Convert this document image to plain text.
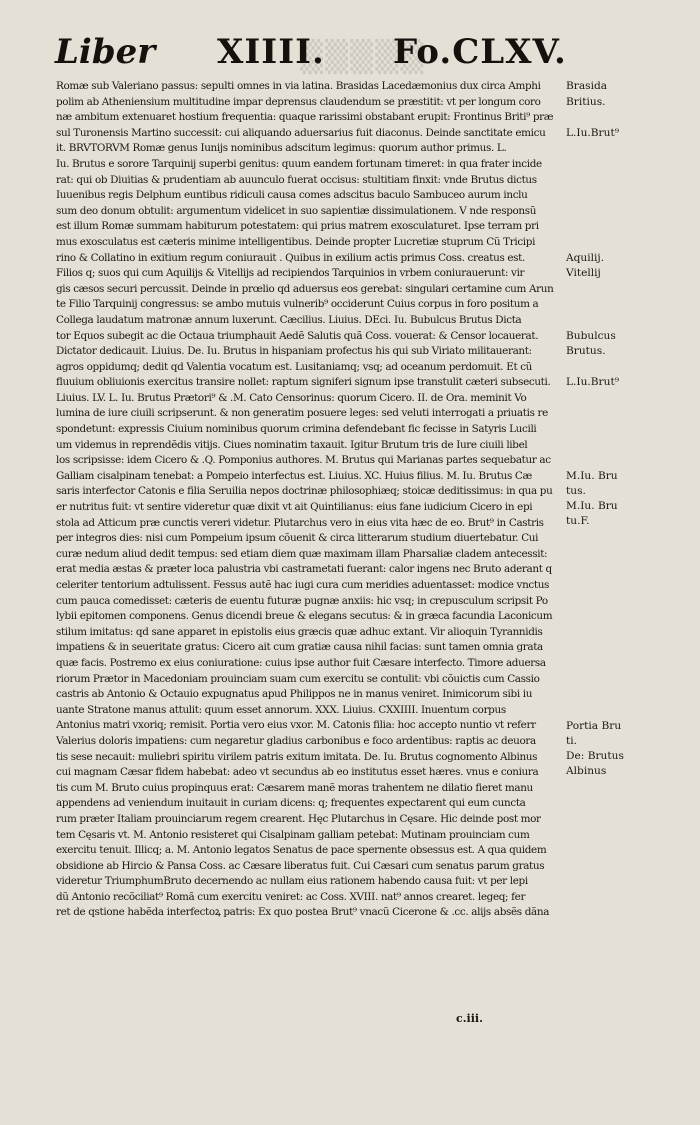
▒▒▒▒▒
Liber XIIII. Fo.CLXV.
Romæ sub Valeriano passus: sepulti omnes in via latina. Brasidas Lacedæmonius dux circa Amphi
polim ab Atheniensium multitudine impar deprensus claudendum se præstitit: vt per longum coro
næ ambitum extenuaret hostium frequentia: quaque rarissimi obstabant erupit: Frontinus Briti⁹ præ
sul Turonensis Martino successit: cui aliquando aduersarius fuit diaconus. Deinde sanctitate emicu
it. BRVTORVM Romæ genus Iunijs nominibus adscitum legimus: quorum author primus. L.
Iu. Brutus e sorore Tarquinij superbi genitus: quum eandem fortunam timeret: in qua frater incide
rat: qui ob Diuitias & prudentiam ab auunculo fuerat occisus: stultitiam finxit: vnde Brutus dictus
Iuuenibus regis Delphum euntibus ridiculi causa comes adscitus baculo Sambuceo aurum inclu
sum deo donum obtulit: argumentum videlicet in suo sapientiæ dissimulationem. V nde responsũ
est illum Romæ summam habiturum potestatem: qui prius matrem exosculaturet. Ipse terram pri
mus exosculatus est cæteris minime intelligentibus. Deinde propter Lucretiæ stuprum Cũ Tricipi
rino & Collatino in exitium regum coniurauit . Quibus in exilium actis primus Coss. creatus est.
Filios q; suos qui cum Aquilijs & Vitellijs ad recipiendos Tarquinios in vrbem coniurauerunt: vir
gis cæsos securi percussit. Deinde in prœlio qd aduersus eos gerebat: singulari certamine cum Arun
te Filio Tarquinij congressus: se ambo mutuis vulnerib⁹ occiderunt Cuius corpus in foro positum a
Collega laudatum matronæ annum luxerunt. Cæcilius. Liuius. DEci. Iu. Bubulcus Brutus Dicta
tor Equos subegit ac die Octaua triumphauit Aedẽ Salutis quã Coss. vouerat: & Censor locauerat.
Dictator dedicauit. Liuius. De. Iu. Brutus in hispaniam profectus his qui sub Viriato militauerant:
agros oppidumq; dedit qd Valentia vocatum est. Lusitaniamq; vsq; ad oceanum perdomuit. Et cũ
fluuium obliuionis exercitus transire nollet: raptum signiferi signum ipse transtulit cæteri subsecuti.
Liuius. LV. L. Iu. Brutus Prætori⁹ & .M. Cato Censorinus: quorum Cicero. II. de Ora. meminit Vo
lumina de iure ciuili scripserunt. & non generatim posuere leges: sed veluti interrogati a priuatis re
spondetunt: expressis Ciuium nominibus quorum crimina defendebant fic fecisse in Satyris Lucili
um videmus in reprendẽdis vitijs. Ciues nominatim taxauit. Igitur Brutum tris de Iure ciuili libel
los scripsisse: idem Cicero & .Q. Pomponius authores. M. Brutus qui Marianas partes sequebatur ac
Galliam cisalpinam tenebat: a Pompeio interfectus est. Liuius. XC. Huius filius. M. Iu. Brutus Cæ
saris interfector Catonis e filia Seruilia nepos doctrinæ philosophiæq; stoicæ deditissimus: in qua pu
er nutritus fuit: vt sentire videretur quæ dixit vt ait Quintilianus: eius fane iudicium Cicero in epi
stola ad Atticum præ cunctis vereri videtur. Plutarchus vero in eius vita hæc de eo. Brut⁹ in Castris
per integros dies: nisi cum Pompeium ipsum cõuenit & circa litterarum studium diuertebatur. Cui
curæ nedum aliud dedit tempus: sed etiam diem quæ maximam illam Pharsaliæ cladem antecessit:
erat media æstas & præter loca palustria vbi castrametati fuerant: calor ingens nec Bruto aderant q
celeriter tentorium adtulissent. Fessus autẽ hac iugi cura cum meridies aduentasset: modice vnctus
cum pauca comedisset: cæteris de euentu futuræ pugnæ anxiis: hic vsq; in crepusculum scripsit Po
lybii epitomen componens. Genus dicendi breue & elegans secutus: & in græca facundia Laconicum
stilum imitatus: qd sane apparet in epistolis eius græcis quæ adhuc extant. Vir alioquin Tyrannidis
impatiens & in seueritate gratus: Cicero ait cum gratiæ causa nihil facias: sunt tamen omnia grata
quæ facis. Postremo ex eius coniuratione: cuius ipse author fuit Cæsare interfecto. Timore aduersa
riorum Prætor in Macedoniam prouinciam suam cum exercitu se contulit: vbi cõuictis cum Cassio
castris ab Antonio & Octauio expugnatus apud Philippos ne in manus veniret. Inimicorum sibi iu
uante Stratone manus attulit: quum esset annorum. XXX. Liuius. CXXIIII. Inuentum corpus
Antonius matri vxoriq; remisit. Portia vero eius vxor. M. Catonis filia: hoc accepto nuntio vt referr
Valerius doloris impatiens: cum negaretur gladius carbonibus e foco ardentibus: raptis ac deuora
tis sese necauit: muliebri spiritu virilem patris exitum imitata. De. Iu. Brutus cognomento Albinus
cui magnam Cæsar fidem habebat: adeo vt secundus ab eo institutus esset hæres. vnus e coniura
tis cum M. Bruto cuius propinquus erat: Cæsarem manẽ moras trahentem ne dilatio fieret manu
appendens ad veniendum inuitauit in curiam dicens: q; frequentes expectarent qui eum cuncta
rum præter Italiam prouinciarum regem crearent. Hęc Plutarchus in Cęsare. Hic deinde post mor
tem Cęsaris vt. M. Antonio resisteret qui Cisalpinam galliam petebat: Mutinam prouinciam cum
exercitu tenuit. Illicq; a. M. Antonio legatos Senatus de pace spernente obsessus est. A qua quidem
obsidione ab Hircio & Pansa Coss. ac Cæsare liberatus fuit. Cui Cæsari cum senatus parum gratus
videretur TriumphumBruto decernendo ac nullam eius rationem habendo causa fuit: vt per lepi
dũ Antonio recõciliat⁹ Romã cum exercitu veniret: ac Coss. XVIII. nat⁹ annos crearet. legeq; fer
ret de qstione habẽda interfectoꝝ patris: Ex quo postea Brut⁹ vnacũ Cicerone & .cc. alijs absẽs dãna
Brasida
Britius.
L.Iu.Brut⁹
Aquilij.
Vitellij
Bubulcus
Brutus.
L.Iu.Brut⁹
M.Iu. Bru
tus.
M.Iu. Bru
tu.F.
Portia Bru
ti.
De: Brutus
Albinus
c.iii.
